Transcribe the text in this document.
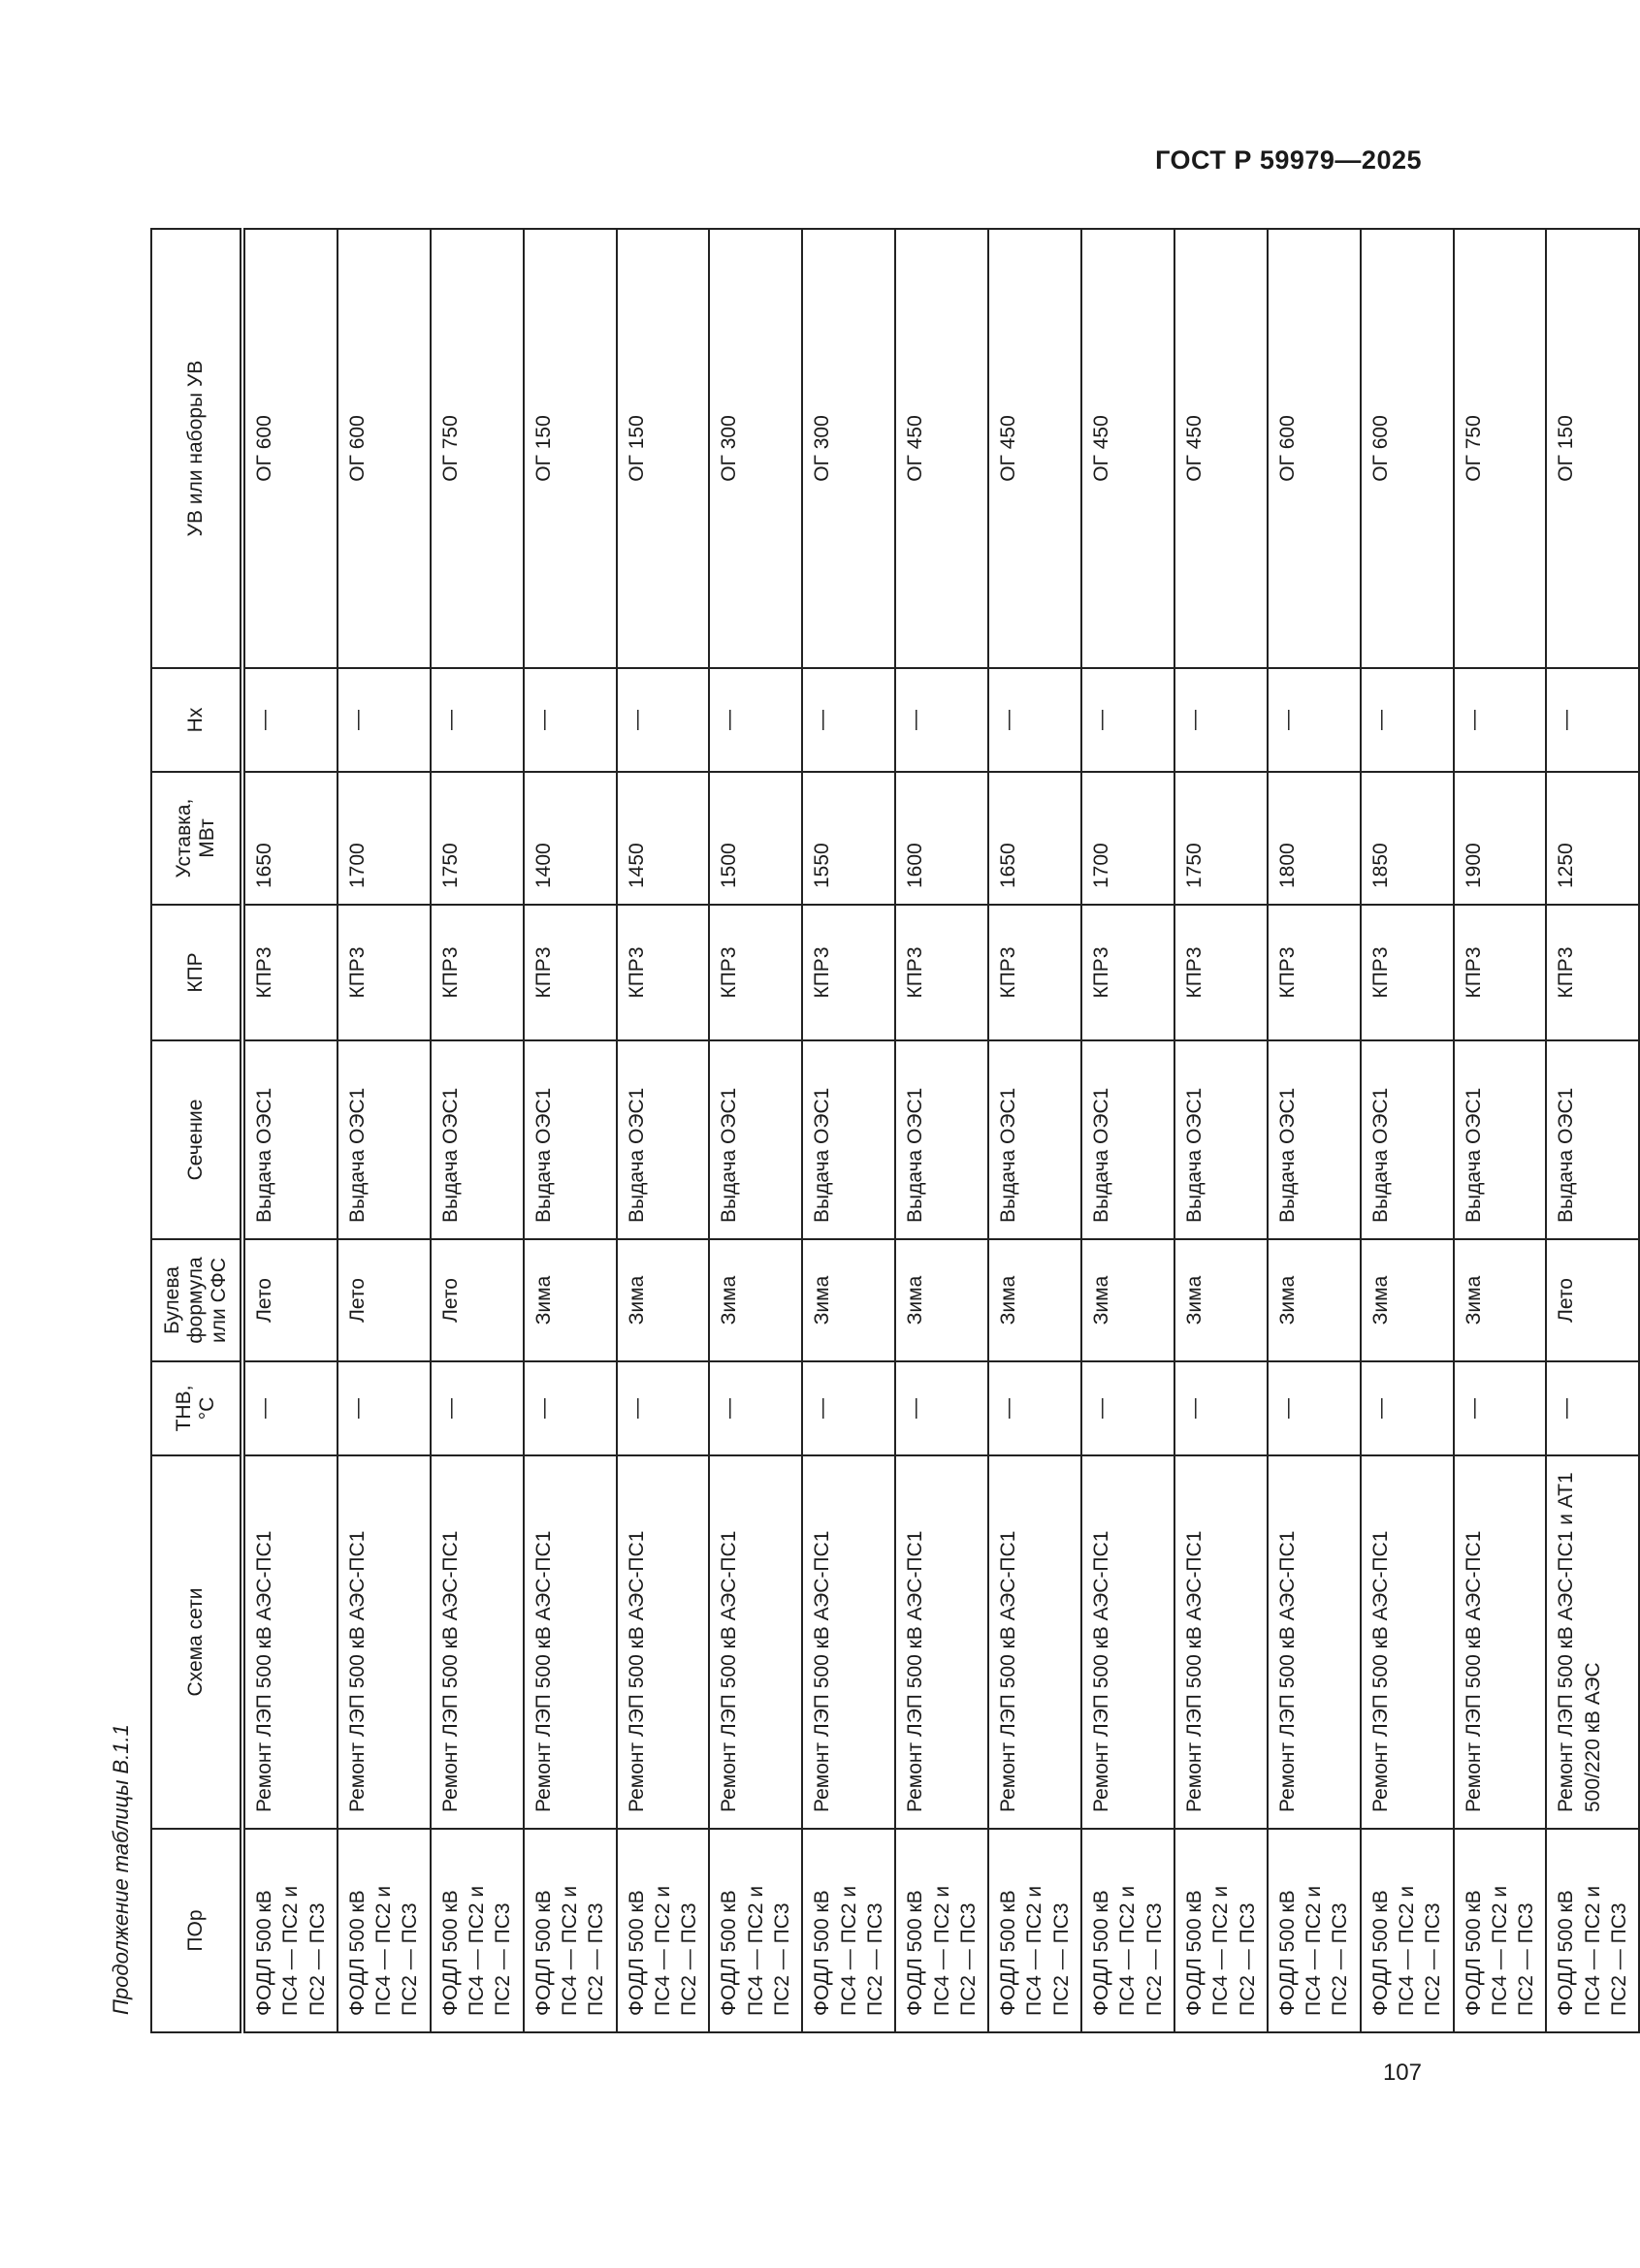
ГОСТ Р 59979—2025
Продолжение таблицы В.1.1	ПОр	Схема сети	ТНВ, °С	Булева формула или СФС	Сечение	КПР	Уставка, МВт	Нх	УВ или наборы УВ
ФОДЛ 500 кВ ПС4 — ПС2 и ПС2 — ПС3	Ремонт ЛЭП 500 кВ АЭС-ПС1	—	Лето	Выдача ОЭС1	КПР3	1650	—	ОГ 600
ФОДЛ 500 кВ ПС4 — ПС2 и ПС2 — ПС3	Ремонт ЛЭП 500 кВ АЭС-ПС1	—	Лето	Выдача ОЭС1	КПР3	1700	—	ОГ 600
ФОДЛ 500 кВ ПС4 — ПС2 и ПС2 — ПС3	Ремонт ЛЭП 500 кВ АЭС-ПС1	—	Лето	Выдача ОЭС1	КПР3	1750	—	ОГ 750
ФОДЛ 500 кВ ПС4 — ПС2 и ПС2 — ПС3	Ремонт ЛЭП 500 кВ АЭС-ПС1	—	Зима	Выдача ОЭС1	КПР3	1400	—	ОГ 150
ФОДЛ 500 кВ ПС4 — ПС2 и ПС2 — ПС3	Ремонт ЛЭП 500 кВ АЭС-ПС1	—	Зима	Выдача ОЭС1	КПР3	1450	—	ОГ 150
ФОДЛ 500 кВ ПС4 — ПС2 и ПС2 — ПС3	Ремонт ЛЭП 500 кВ АЭС-ПС1	—	Зима	Выдача ОЭС1	КПР3	1500	—	ОГ 300
ФОДЛ 500 кВ ПС4 — ПС2 и ПС2 — ПС3	Ремонт ЛЭП 500 кВ АЭС-ПС1	—	Зима	Выдача ОЭС1	КПР3	1550	—	ОГ 300
ФОДЛ 500 кВ ПС4 — ПС2 и ПС2 — ПС3	Ремонт ЛЭП 500 кВ АЭС-ПС1	—	Зима	Выдача ОЭС1	КПР3	1600	—	ОГ 450
ФОДЛ 500 кВ ПС4 — ПС2 и ПС2 — ПС3	Ремонт ЛЭП 500 кВ АЭС-ПС1	—	Зима	Выдача ОЭС1	КПР3	1650	—	ОГ 450
ФОДЛ 500 кВ ПС4 — ПС2 и ПС2 — ПС3	Ремонт ЛЭП 500 кВ АЭС-ПС1	—	Зима	Выдача ОЭС1	КПР3	1700	—	ОГ 450
ФОДЛ 500 кВ ПС4 — ПС2 и ПС2 — ПС3	Ремонт ЛЭП 500 кВ АЭС-ПС1	—	Зима	Выдача ОЭС1	КПР3	1750	—	ОГ 450
ФОДЛ 500 кВ ПС4 — ПС2 и ПС2 — ПС3	Ремонт ЛЭП 500 кВ АЭС-ПС1	—	Зима	Выдача ОЭС1	КПР3	1800	—	ОГ 600
ФОДЛ 500 кВ ПС4 — ПС2 и ПС2 — ПС3	Ремонт ЛЭП 500 кВ АЭС-ПС1	—	Зима	Выдача ОЭС1	КПР3	1850	—	ОГ 600
ФОДЛ 500 кВ ПС4 — ПС2 и ПС2 — ПС3	Ремонт ЛЭП 500 кВ АЭС-ПС1	—	Зима	Выдача ОЭС1	КПР3	1900	—	ОГ 750
ФОДЛ 500 кВ ПС4 — ПС2 и ПС2 — ПС3	Ремонт ЛЭП 500 кВ АЭС-ПС1 и АТ1 500/220 кВ АЭС	—	Лето	Выдача ОЭС1	КПР3	1250	—	ОГ 150
107
